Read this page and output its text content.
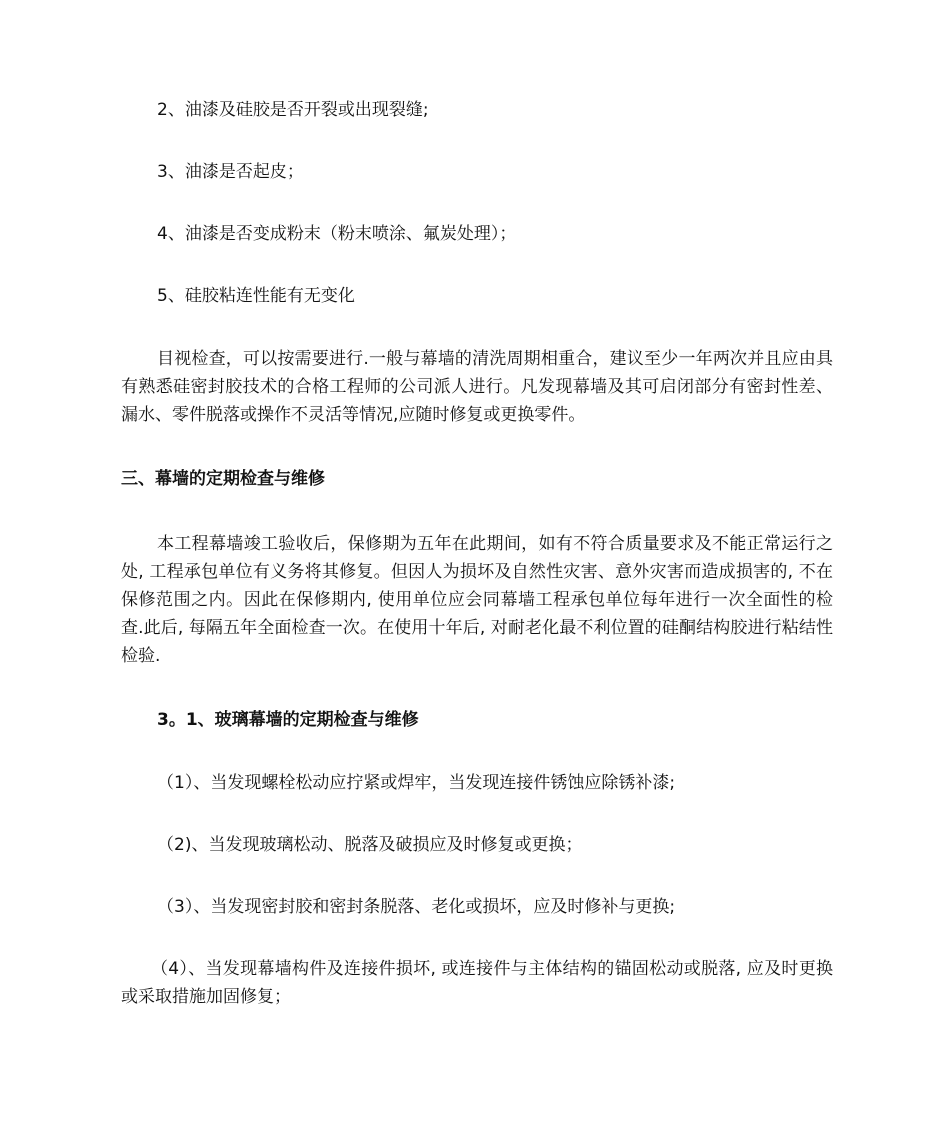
2、油漆及硅胶是否开裂或出现裂缝;

3、油漆是否起皮；

4、油漆是否变成粉末（粉末喷涂、氟炭处理）；

5、硅胶粘连性能有无变化

目视检查，可以按需要进行.一般与幕墙的清洗周期相重合，建议至少一年两次并且应由具有熟悉硅密封胶技术的合格工程师的公司派人进行。凡发现幕墙及其可启闭部分有密封性差、漏水、零件脱落或操作不灵活等情况,应随时修复或更换零件。

三、幕墙的定期检查与维修

本工程幕墙竣工验收后，保修期为五年在此期间，如有不符合质量要求及不能正常运行之处, 工程承包单位有义务将其修复。但因人为损坏及自然性灾害、意外灾害而造成损害的, 不在保修范围之内。因此在保修期内, 使用单位应会同幕墙工程承包单位每年进行一次全面性的检查.此后, 每隔五年全面检查一次。在使用十年后, 对耐老化最不利位置的硅酮结构胶进行粘结性检验.

3。1、玻璃幕墙的定期检查与维修

（1）、当发现螺栓松动应拧紧或焊牢，当发现连接件锈蚀应除锈补漆;

（2)、当发现玻璃松动、脱落及破损应及时修复或更换；

（3）、当发现密封胶和密封条脱落、老化或损坏，应及时修补与更换;

（4）、当发现幕墙构件及连接件损坏, 或连接件与主体结构的锚固松动或脱落, 应及时更换或采取措施加固修复；
